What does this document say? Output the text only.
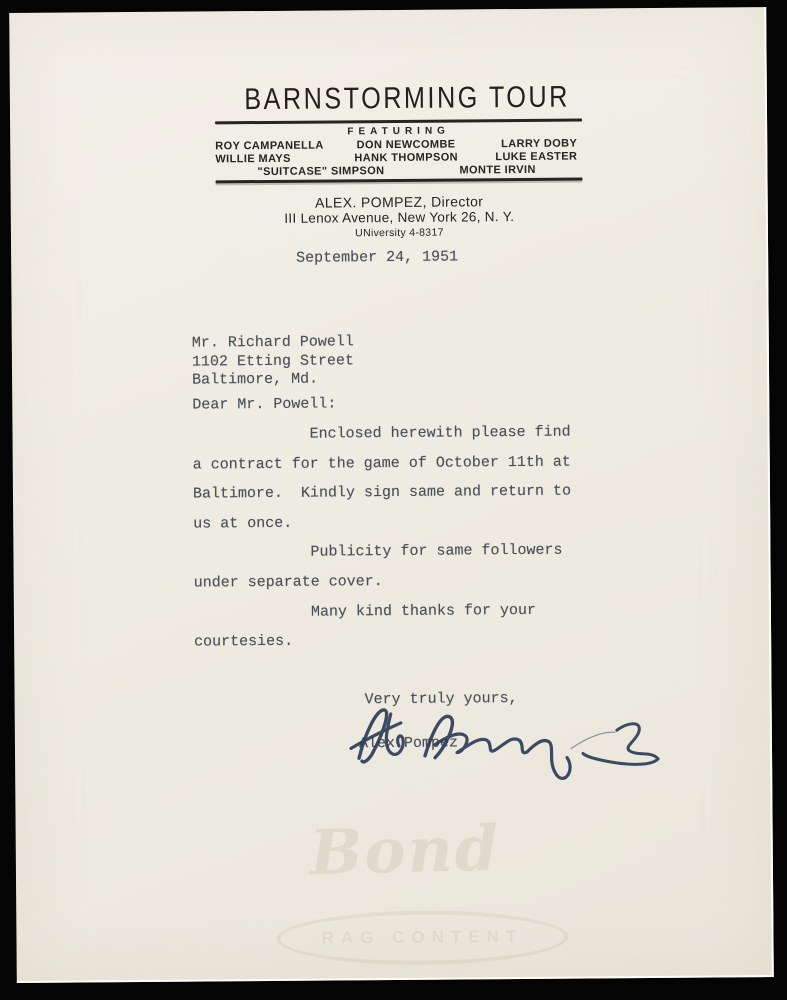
BARNSTORMING TOUR
FEATURING
ROY CAMPANELLA	DON NEWCOMBE	LARRY DOBY
WILLIE MAYS	HANK THOMPSON	LUKE EASTER
"SUITCASE" SIMPSON	MONTE IRVIN
ALEX. POMPEZ, Director
III Lenox Avenue, New York 26, N. Y.
UNiversity 4-8317
September 24, 1951
Mr. Richard Powell
1102 Etting Street
Baltimore, Md.
Dear Mr. Powell:
Enclosed herewith please find
a contract for the game of October 11th at
Baltimore.  Kindly sign same and return to
us at once.
Publicity for same followers
under separate cover.
Many kind thanks for your
courtesies.
Very truly yours,
Alex Pompez
Bond
RAG CONTENT
